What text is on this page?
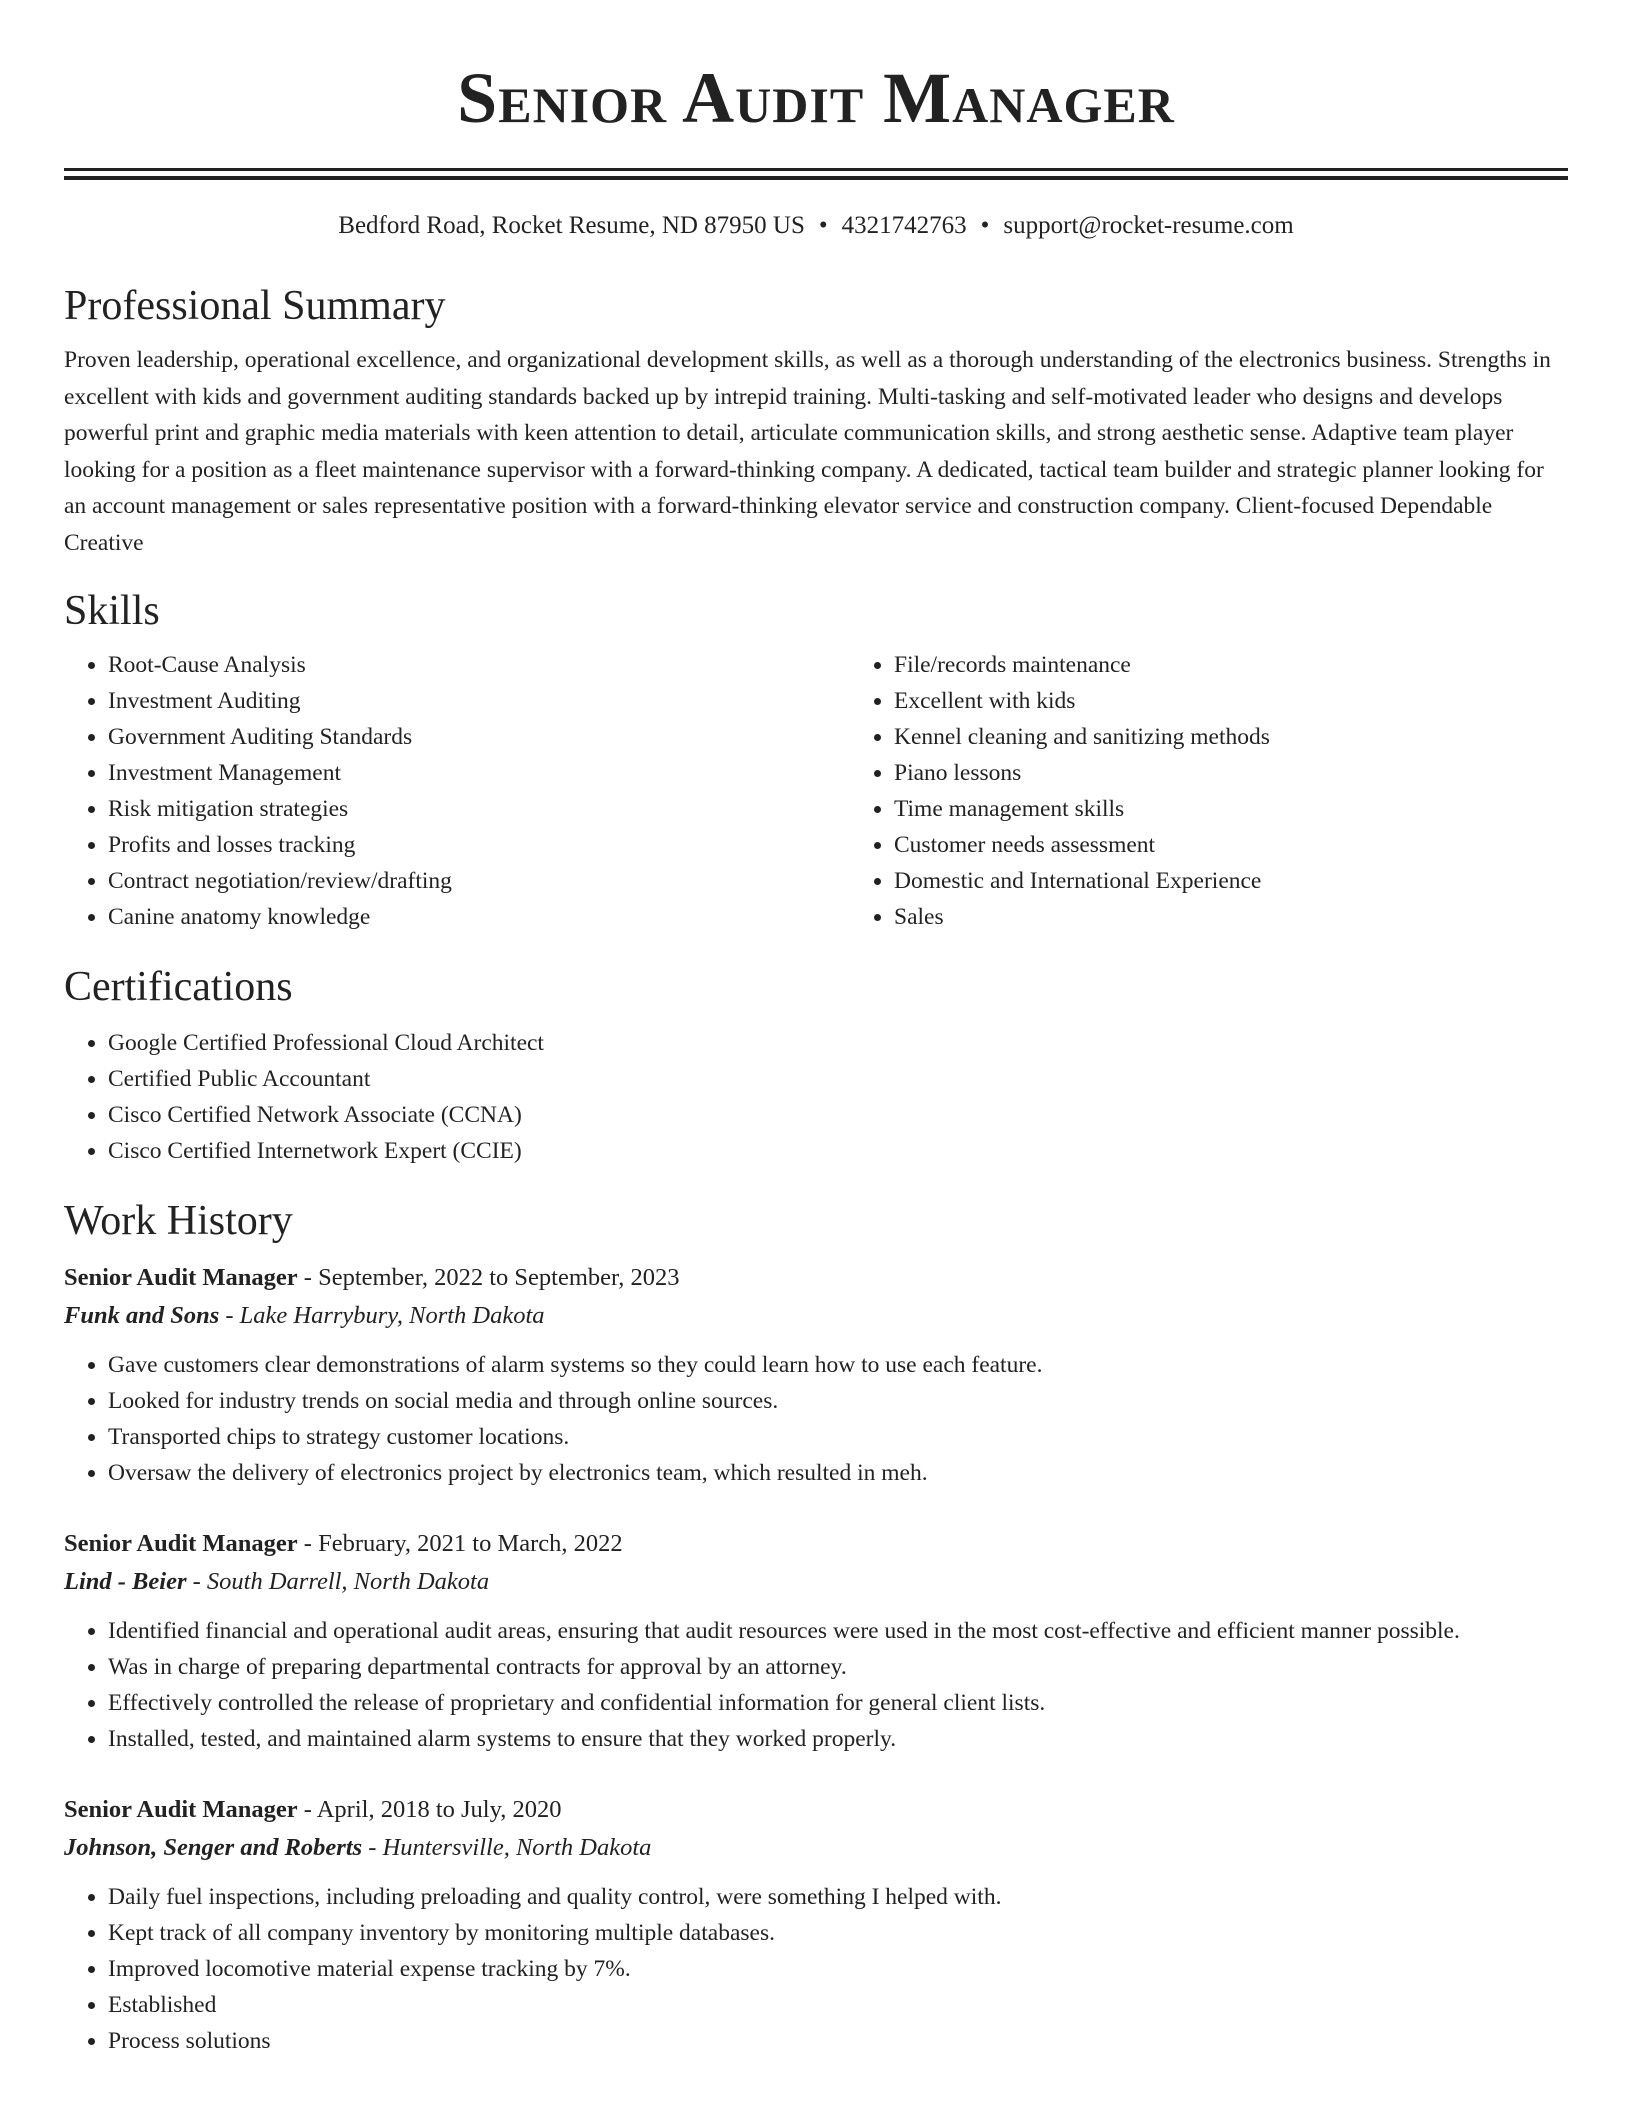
Senior Audit Manager
Bedford Road, Rocket Resume, ND 87950 US • 4321742763 • support@rocket-resume.com
Professional Summary

Proven leadership, operational excellence, and organizational development skills, as well as a thorough understanding of the electronics business. Strengths in excellent with kids and government auditing standards backed up by intrepid training. Multi-tasking and self-motivated leader who designs and develops powerful print and graphic media materials with keen attention to detail, articulate communication skills, and strong aesthetic sense. Adaptive team player looking for a position as a fleet maintenance supervisor with a forward-thinking company. A dedicated, tactical team builder and strategic planner looking for an account management or sales representative position with a forward-thinking elevator service and construction company. Client-focused Dependable Creative

Skills
• Root-Cause Analysis
• Investment Auditing
• Government Auditing Standards
• Investment Management
• Risk mitigation strategies
• Profits and losses tracking
• Contract negotiation/review/drafting
• Canine anatomy knowledge
• File/records maintenance
• Excellent with kids
• Kennel cleaning and sanitizing methods
• Piano lessons
• Time management skills
• Customer needs assessment
• Domestic and International Experience
• Sales
Certifications
• Google Certified Professional Cloud Architect
• Certified Public Accountant
• Cisco Certified Network Associate (CCNA)
• Cisco Certified Internetwork Expert (CCIE)
Work History
Senior Audit Manager - September, 2022 to September, 2023
Funk and Sons - Lake Harrybury, North Dakota
• Gave customers clear demonstrations of alarm systems so they could learn how to use each feature.
• Looked for industry trends on social media and through online sources.
• Transported chips to strategy customer locations.
• Oversaw the delivery of electronics project by electronics team, which resulted in meh.
Senior Audit Manager - February, 2021 to March, 2022
Lind - Beier - South Darrell, North Dakota
• Identified financial and operational audit areas, ensuring that audit resources were used in the most cost-effective and efficient manner possible.
• Was in charge of preparing departmental contracts for approval by an attorney.
• Effectively controlled the release of proprietary and confidential information for general client lists.
• Installed, tested, and maintained alarm systems to ensure that they worked properly.
Senior Audit Manager - April, 2018 to July, 2020
Johnson, Senger and Roberts - Huntersville, North Dakota
• Daily fuel inspections, including preloading and quality control, were something I helped with.
• Kept track of all company inventory by monitoring multiple databases.
• Improved locomotive material expense tracking by 7%.
• Established
• Process solutions
